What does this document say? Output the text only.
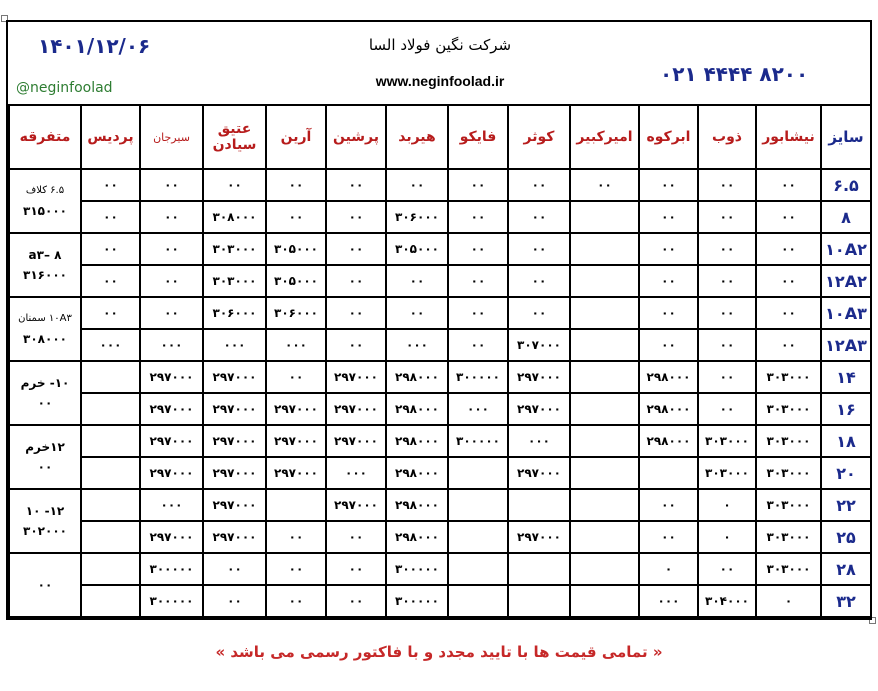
۱۴۰۱/۱۲/۰۶
@neginfoolad
شرکت نگین فولاد السا
www.neginfoolad.ir	۰۲۱ ۴۴۴۴ ۸۲۰۰
سایز	نیشابور	ذوب	ابرکوه	امیرکبیر	کوثر	فایکو	هیربد	پرشین	آرین	عتیق سیادن	سیرجان	پردیس	متفرقه
۶.۵	۰۰	۰۰	۰۰	۰۰	۰۰	۰۰	۰۰	۰۰	۰۰	۰۰	۰۰	۰۰	۶.۵ کلاف
۳۱۵۰۰۰

۸	۰۰	۰۰	۰۰		۰۰	۰۰	۳۰۶۰۰۰	۰۰	۰۰	۳۰۸۰۰۰	۰۰	۰۰	
۱۰A۲	۰۰	۰۰	۰۰		۰۰	۰۰	۳۰۵۰۰۰	۰۰	۳۰۵۰۰۰	۳۰۳۰۰۰	۰۰	۰۰	۸ –a۳
۳۱۶۰۰۰

۱۲A۲	۰۰	۰۰	۰۰		۰۰	۰۰	۰۰	۰۰	۳۰۵۰۰۰	۳۰۳۰۰۰	۰۰	۰۰	
۱۰A۳	۰۰	۰۰	۰۰		۰۰	۰۰	۰۰	۰۰	۳۰۶۰۰۰	۳۰۶۰۰۰	۰۰	۰۰	۱۰A۳ سمنان
۳۰۸۰۰۰

۱۲A۳	۰۰	۰۰	۰۰		۳۰۷۰۰۰	۰۰	۰۰۰	۰۰	۰۰۰	۰۰۰	۰۰۰	۰۰۰	
۱۴	۳۰۳۰۰۰	۰۰	۲۹۸۰۰۰		۲۹۷۰۰۰	۳۰۰۰۰۰	۲۹۸۰۰۰	۲۹۷۰۰۰	۰۰	۲۹۷۰۰۰	۲۹۷۰۰۰		۱۰- خرم
۰۰

۱۶	۳۰۳۰۰۰	۰۰	۲۹۸۰۰۰		۲۹۷۰۰۰	۰۰۰	۲۹۸۰۰۰	۲۹۷۰۰۰	۲۹۷۰۰۰	۲۹۷۰۰۰	۲۹۷۰۰۰		
۱۸	۳۰۳۰۰۰	۳۰۳۰۰۰	۲۹۸۰۰۰		۰۰۰	۳۰۰۰۰۰	۲۹۸۰۰۰	۲۹۷۰۰۰	۲۹۷۰۰۰	۲۹۷۰۰۰	۲۹۷۰۰۰		۱۲خرم
۰۰

۲۰	۳۰۳۰۰۰	۳۰۳۰۰۰			۲۹۷۰۰۰		۲۹۸۰۰۰	۰۰۰	۲۹۷۰۰۰	۲۹۷۰۰۰	۲۹۷۰۰۰		
۲۲	۳۰۳۰۰۰	۰	۰۰				۲۹۸۰۰۰	۲۹۷۰۰۰		۲۹۷۰۰۰	۰۰۰		۱۲- ۱۰
۳۰۲۰۰۰

۲۵	۳۰۳۰۰۰	۰	۰۰		۲۹۷۰۰۰		۲۹۸۰۰۰	۰۰	۰۰	۲۹۷۰۰۰	۲۹۷۰۰۰		
۲۸	۳۰۳۰۰۰	۰۰	۰				۳۰۰۰۰۰	۰۰	۰۰	۰۰	۳۰۰۰۰۰		۰۰

۳۲	۰	۳۰۴۰۰۰	۰۰۰				۳۰۰۰۰۰	۰۰	۰۰	۰۰	۳۰۰۰۰۰		
« تمامی قیمت ها با تایید مجدد و با فاکتور رسمی می باشد »
